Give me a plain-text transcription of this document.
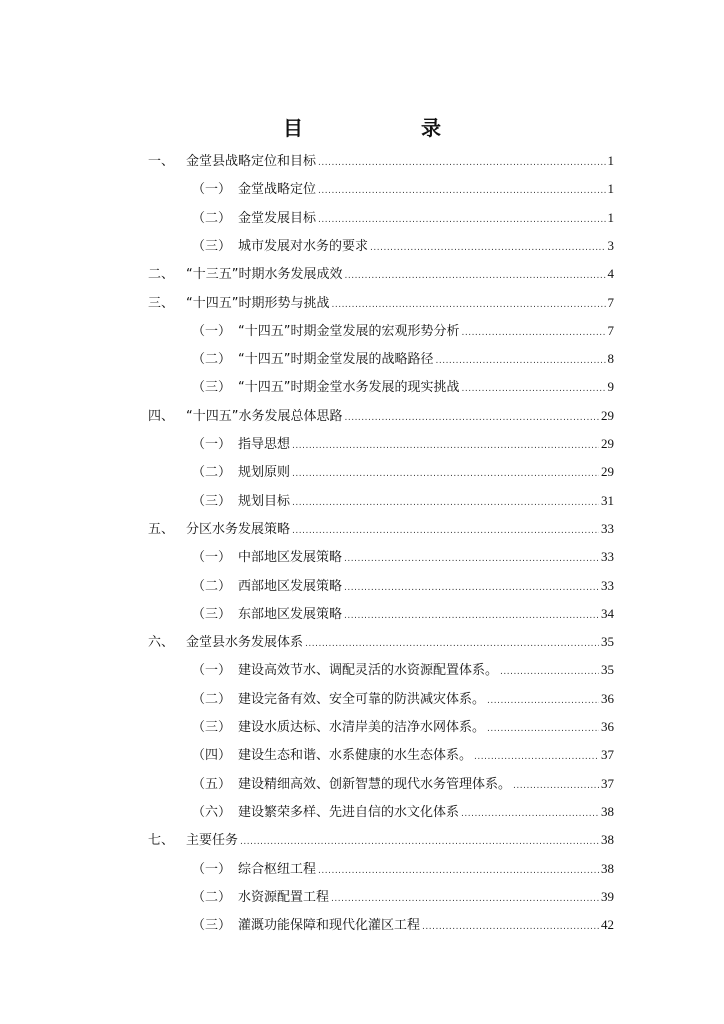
目　　录
一、 金堂县战略定位和目标 .....	1
（一） 金堂战略定位 .....	1
（二） 金堂发展目标 .....	1
（三） 城市发展对水务的要求 .....	3
二、 “十三五”时期水务发展成效 .....	4
三、 “十四五”时期形势与挑战 .....	7
（一） “十四五”时期金堂发展的宏观形势分析 .....	7
（二） “十四五”时期金堂发展的战略路径 .....	8
（三） “十四五”时期金堂水务发展的现实挑战 .....	9
四、 “十四五”水务发展总体思路 .....	29
（一） 指导思想 .....	29
（二） 规划原则 .....	29
（三） 规划目标 .....	31
五、 分区水务发展策略 .....	33
（一） 中部地区发展策略 .....	33
（二） 西部地区发展策略 .....	33
（三） 东部地区发展策略 .....	34
六、 金堂县水务发展体系 .....	35
（一） 建设高效节水、调配灵活的水资源配置体系。 .....	35
（二） 建设完备有效、安全可靠的防洪减灾体系。 .....	36
（三） 建设水质达标、水清岸美的洁净水网体系。 .....	36
（四） 建设生态和谐、水系健康的水生态体系。 .....	37
（五） 建设精细高效、创新智慧的现代水务管理体系。 .....	37
（六） 建设繁荣多样、先进自信的水文化体系 .....	38
七、 主要任务 .....	38
（一） 综合枢纽工程 .....	38
（二） 水资源配置工程 .....	39
（三） 灌溉功能保障和现代化灌区工程 .....	42
